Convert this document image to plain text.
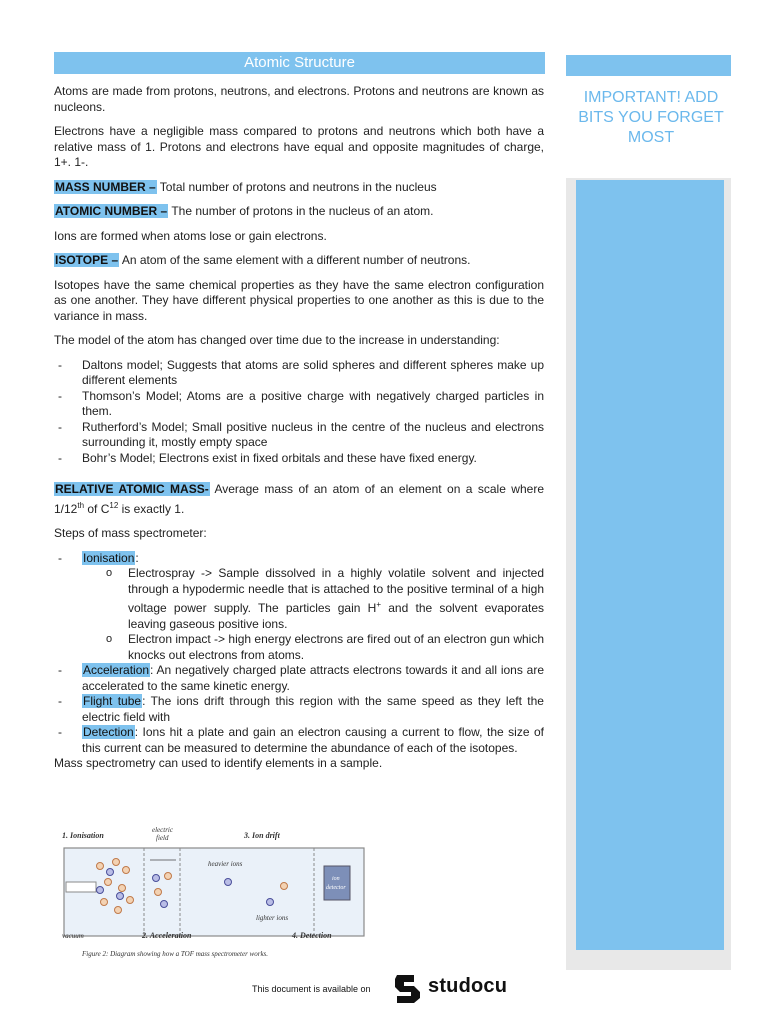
Atomic Structure

Atoms are made from protons, neutrons, and electrons. Protons and neutrons are known as nucleons.

Electrons have a negligible mass compared to protons and neutrons which both have a relative mass of 1. Protons and electrons have equal and opposite magnitudes of charge, 1+. 1-.

MASS NUMBER – Total number of protons and neutrons in the nucleus

ATOMIC NUMBER – The number of protons in the nucleus of an atom.

Ions are formed when atoms lose or gain electrons.

ISOTOPE – An atom of the same element with a different number of neutrons.

Isotopes have the same chemical properties as they have the same electron configuration as one another. They have different physical properties to one another as this is due to the variance in mass.

The model of the atom has changed over time due to the increase in understanding:

- Daltons model; Suggests that atoms are solid spheres and different spheres make up different elements
- Thomson’s Model; Atoms are a positive charge with negatively charged particles in them.
- Rutherford’s Model; Small positive nucleus in the centre of the nucleus and electrons surrounding it, mostly empty space
- Bohr’s Model; Electrons exist in fixed orbitals and these have fixed energy.

RELATIVE ATOMIC MASS- Average mass of an atom of an element on a scale where 1/12th of $C^{12}$ is exactly 1.

Steps of mass spectrometer:

- Ionisation:
o Electrospray -> Sample dissolved in a highly volatile solvent and injected through a hypodermic needle that is attached to the positive terminal of a high voltage power supply. The particles gain H+ and the solvent evaporates leaving gaseous positive ions.
o Electron impact -> high energy electrons are fired out of an electron gun which knocks out electrons from atoms.
- Acceleration: An negatively charged plate attracts electrons towards it and all ions are accelerated to the same kinetic energy.
- Flight tube: The ions drift through this region with the same speed as they left the electric field with
- Detection: Ions hit a plate and gain an electron causing a current to flow, the size of this current can be measured to determine the abundance of each of the isotopes.

Mass spectrometry can used to identify elements in a sample.

1. Ionisation
electric
field	3. Ion drift
heavier ions
lighter ions
ion
detector
vacuum	2. Acceleration	4. Detection
Figure 2: Diagram showing how a TOF mass spectrometer works.
IMPORTANT! ADD BITS YOU FORGET MOST
This document is available on	studocu
